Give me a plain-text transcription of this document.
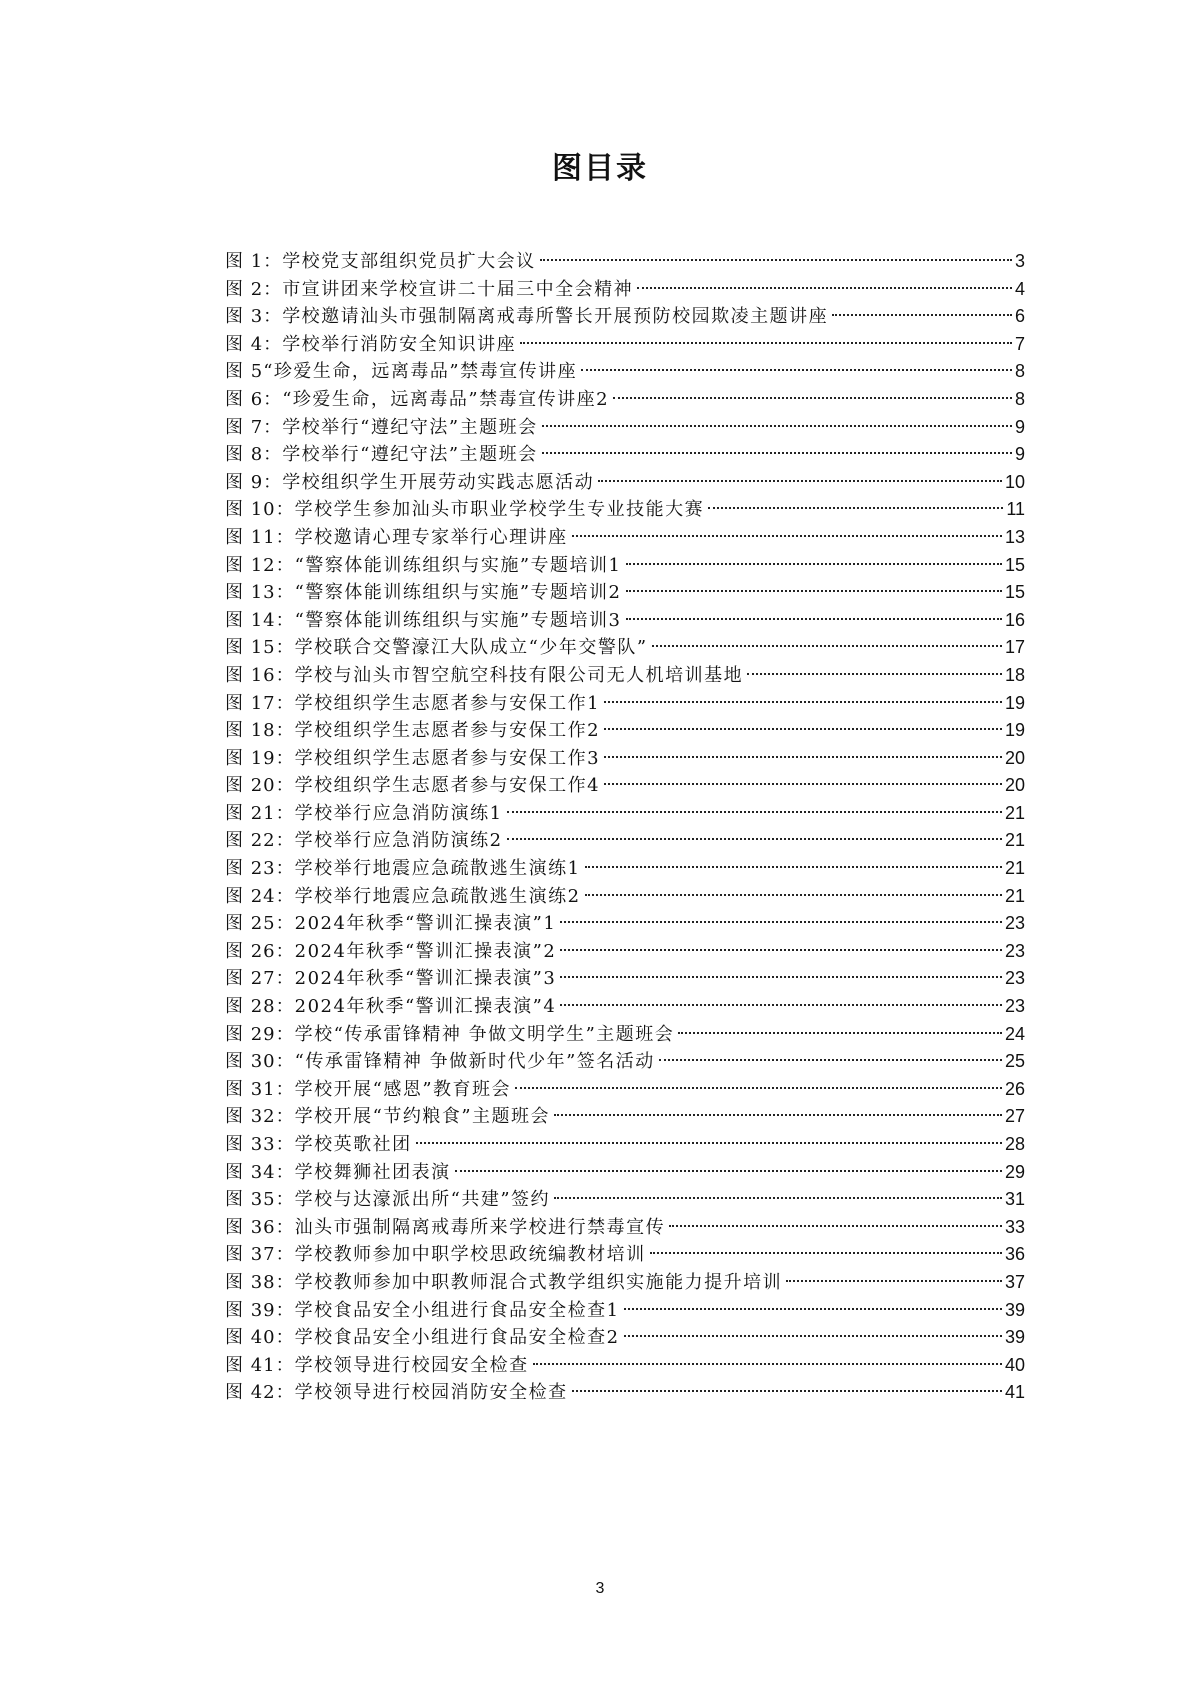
图目录
图 1： 学校党支部组织党员扩大会议	3
图 2： 市宣讲团来学校宣讲二十届三中全会精神	4
图 3： 学校邀请汕头市强制隔离戒毒所警长开展预防校园欺凌主题讲座	6
图 4： 学校举行消防安全知识讲座	7
图 5 “珍爱生命，远离毒品”禁毒宣传讲座	8
图 6： “珍爱生命，远离毒品”禁毒宣传讲座2	8
图 7： 学校举行“遵纪守法”主题班会	9
图 8： 学校举行“遵纪守法”主题班会	9
图 9： 学校组织学生开展劳动实践志愿活动	10
图 10： 学校学生参加汕头市职业学校学生专业技能大赛	11
图 11： 学校邀请心理专家举行心理讲座	13
图 12： “警察体能训练组织与实施”专题培训1	15
图 13： “警察体能训练组织与实施”专题培训2	15
图 14： “警察体能训练组织与实施”专题培训3	16
图 15： 学校联合交警濠江大队成立“少年交警队”	17
图 16： 学校与汕头市智空航空科技有限公司无人机培训基地	18
图 17： 学校组织学生志愿者参与安保工作1	19
图 18： 学校组织学生志愿者参与安保工作2	19
图 19： 学校组织学生志愿者参与安保工作3	20
图 20： 学校组织学生志愿者参与安保工作4	20
图 21： 学校举行应急消防演练1	21
图 22： 学校举行应急消防演练2	21
图 23： 学校举行地震应急疏散逃生演练1	21
图 24： 学校举行地震应急疏散逃生演练2	21
图 25： 2024年秋季“警训汇操表演”1	23
图 26： 2024年秋季“警训汇操表演”2	23
图 27： 2024年秋季“警训汇操表演”3	23
图 28： 2024年秋季“警训汇操表演”4	23
图 29： 学校“传承雷锋精神 争做文明学生”主题班会	24
图 30： “传承雷锋精神 争做新时代少年”签名活动	25
图 31： 学校开展“感恩”教育班会	26
图 32： 学校开展“节约粮食”主题班会	27
图 33： 学校英歌社团	28
图 34： 学校舞狮社团表演	29
图 35： 学校与达濠派出所“共建”签约	31
图 36： 汕头市强制隔离戒毒所来学校进行禁毒宣传	33
图 37： 学校教师参加中职学校思政统编教材培训	36
图 38： 学校教师参加中职教师混合式教学组织实施能力提升培训	37
图 39： 学校食品安全小组进行食品安全检查1	39
图 40： 学校食品安全小组进行食品安全检查2	39
图 41： 学校领导进行校园安全检查	40
图 42： 学校领导进行校园消防安全检查	41
3
